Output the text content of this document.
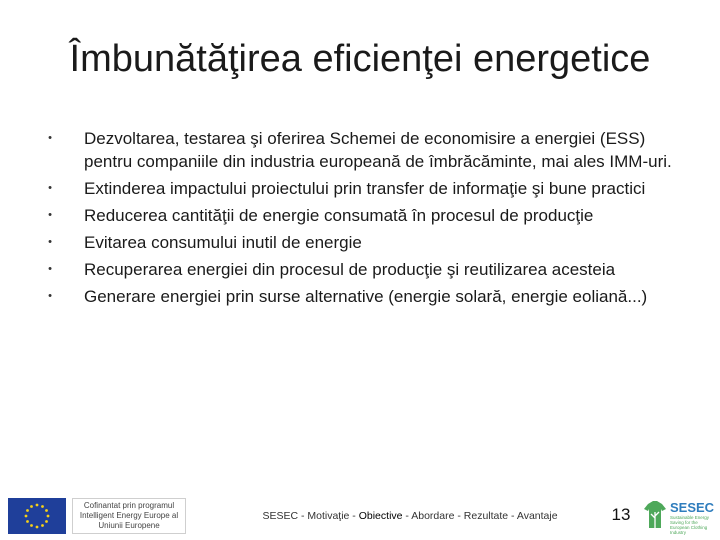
Îmbunătăţirea eficienţei energetice
•	Dezvoltarea, testarea şi oferirea Schemei de economisire a energiei (ESS) pentru companiile din industria europeană de îmbrăcăminte, mai ales IMM-uri.
•	Extinderea impactului proiectului prin transfer de informaţie şi bune practici
•	Reducerea cantităţii de energie consumată în procesul de producţie
•	Evitarea consumului inutil de energie
•	Recuperarea energiei din procesul de producţie şi reutilizarea acesteia
•	Generare energiei prin surse alternative (energie solară, energie eoliană...)
Cofinantat prin programul Intelligent Energy Europe al Uniunii Europene
SESEC - Motivaţie - Obiective - Abordare - Rezultate - Avantaje	13	SESEC
Sustainable Energy Saving for the European Clothing Industry
